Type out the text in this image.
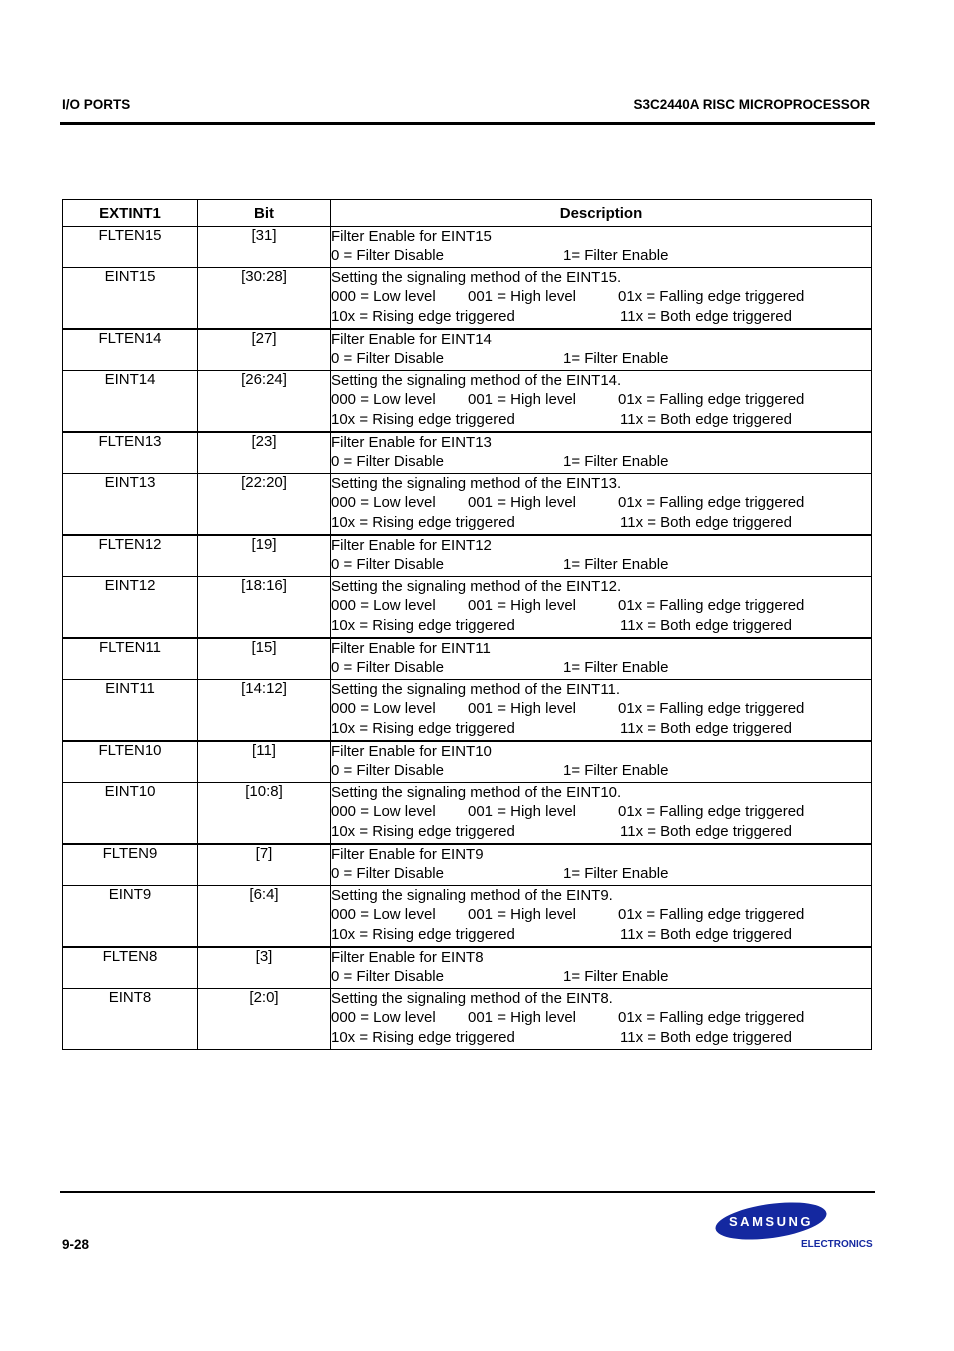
I/O PORTS	S3C2440A RISC MICROPROCESSOR
EXTINT1	Bit	Description
FLTEN15	[31]	Filter Enable for EINT15
0 = Filter Disable 1= Filter Enable

EINT15	[30:28]	Setting the signaling method of the EINT15.
000 = Low level 001 = High level 01x = Falling edge triggered
10x = Rising edge triggered 11x = Both edge triggered

FLTEN14	[27]	Filter Enable for EINT14
0 = Filter Disable 1= Filter Enable

EINT14	[26:24]	Setting the signaling method of the EINT14.
000 = Low level 001 = High level 01x = Falling edge triggered
10x = Rising edge triggered 11x = Both edge triggered

FLTEN13	[23]	Filter Enable for EINT13
0 = Filter Disable 1= Filter Enable

EINT13	[22:20]	Setting the signaling method of the EINT13.
000 = Low level 001 = High level 01x = Falling edge triggered
10x = Rising edge triggered 11x = Both edge triggered

FLTEN12	[19]	Filter Enable for EINT12
0 = Filter Disable 1= Filter Enable

EINT12	[18:16]	Setting the signaling method of the EINT12.
000 = Low level 001 = High level 01x = Falling edge triggered
10x = Rising edge triggered 11x = Both edge triggered

FLTEN11	[15]	Filter Enable for EINT11
0 = Filter Disable 1= Filter Enable

EINT11	[14:12]	Setting the signaling method of the EINT11.
000 = Low level 001 = High level 01x = Falling edge triggered
10x = Rising edge triggered 11x = Both edge triggered

FLTEN10	[11]	Filter Enable for EINT10
0 = Filter Disable 1= Filter Enable

EINT10	[10:8]	Setting the signaling method of the EINT10.
000 = Low level 001 = High level 01x = Falling edge triggered
10x = Rising edge triggered 11x = Both edge triggered

FLTEN9	[7]	Filter Enable for EINT9
0 = Filter Disable 1= Filter Enable

EINT9	[6:4]	Setting the signaling method of the EINT9.
000 = Low level 001 = High level 01x = Falling edge triggered
10x = Rising edge triggered 11x = Both edge triggered

FLTEN8	[3]	Filter Enable for EINT8
0 = Filter Disable 1= Filter Enable

EINT8	[2:0]	Setting the signaling method of the EINT8.
000 = Low level 001 = High level 01x = Falling edge triggered
10x = Rising edge triggered 11x = Both edge triggered
9-28
SAMSUNG
ELECTRONICS
